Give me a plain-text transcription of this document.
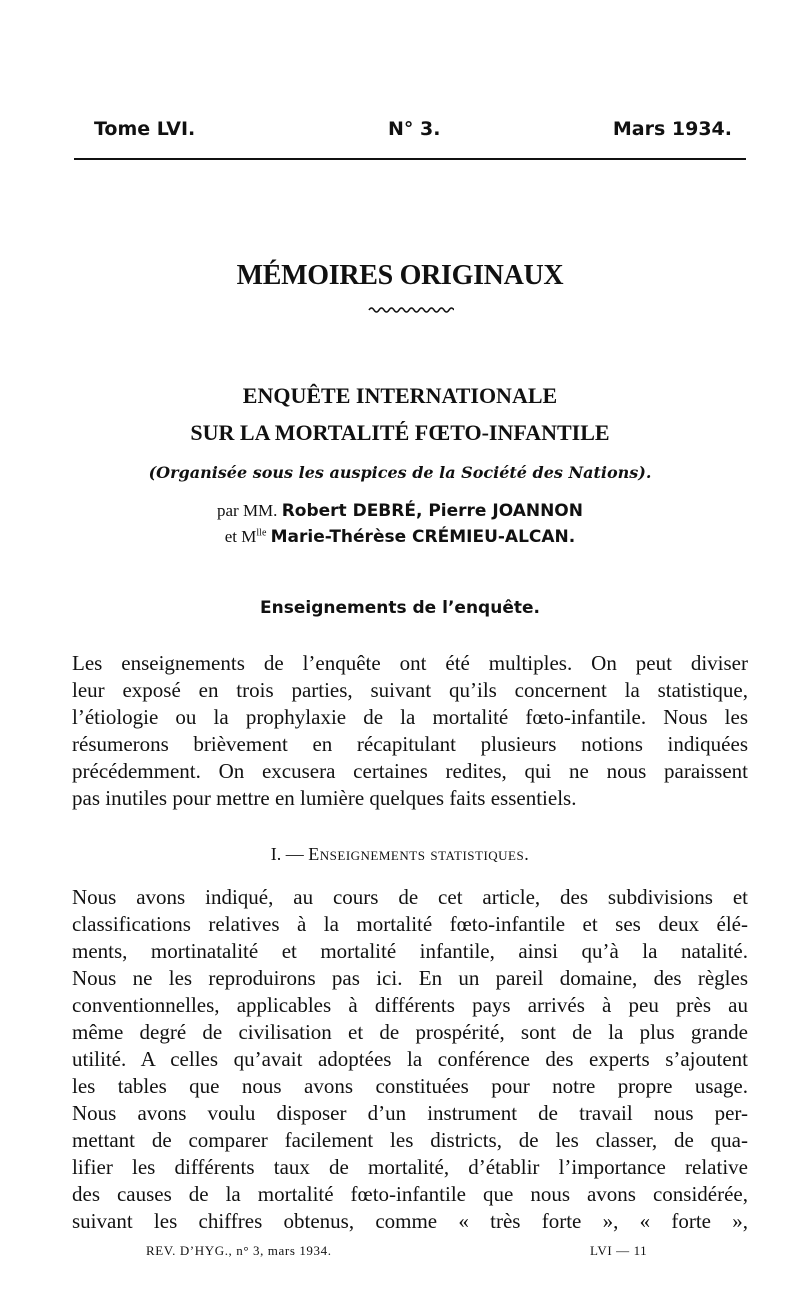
Tome LVI.	N° 3.	Mars 1934.
MÉMOIRES ORIGINAUX
ENQUÊTE INTERNATIONALE
SUR LA MORTALITÉ FŒTO-INFANTILE
(Organisée sous les auspices de la Société des Nations).
par MM. Robert DEBRÉ, Pierre JOANNON
et $M^{lle}$ Marie-Thérèse CRÉMIEU-ALCAN.
Enseignements de l’enquête.
Les enseignements de l’enquête ont été multiples. On peut diviser
leur exposé en trois parties, suivant qu’ils concernent la statistique,
l’étiologie ou la prophylaxie de la mortalité fœto-infantile. Nous les
résumerons brièvement en récapitulant plusieurs notions indiquées
précédemment. On excusera certaines redites, qui ne nous paraissent
pas inutiles pour mettre en lumière quelques faits essentiels.
I. — Enseignements statistiques.
Nous avons indiqué, au cours de cet article, des subdivisions et
classifications relatives à la mortalité fœto-infantile et ses deux élé-
ments, mortinatalité et mortalité infantile, ainsi qu’à la natalité.
Nous ne les reproduirons pas ici. En un pareil domaine, des règles
conventionnelles, applicables à différents pays arrivés à peu près au
même degré de civilisation et de prospérité, sont de la plus grande
utilité. A celles qu’avait adoptées la conférence des experts s’ajoutent
les tables que nous avons constituées pour notre propre usage.
Nous avons voulu disposer d’un instrument de travail nous per-
mettant de comparer facilement les districts, de les classer, de qua-
lifier les différents taux de mortalité, d’établir l’importance relative
des causes de la mortalité fœto-infantile que nous avons considérée,
suivant les chiffres obtenus, comme « très forte », « forte »,
REV. D’HYG., n° 3, mars 1934.	LVI — 11
